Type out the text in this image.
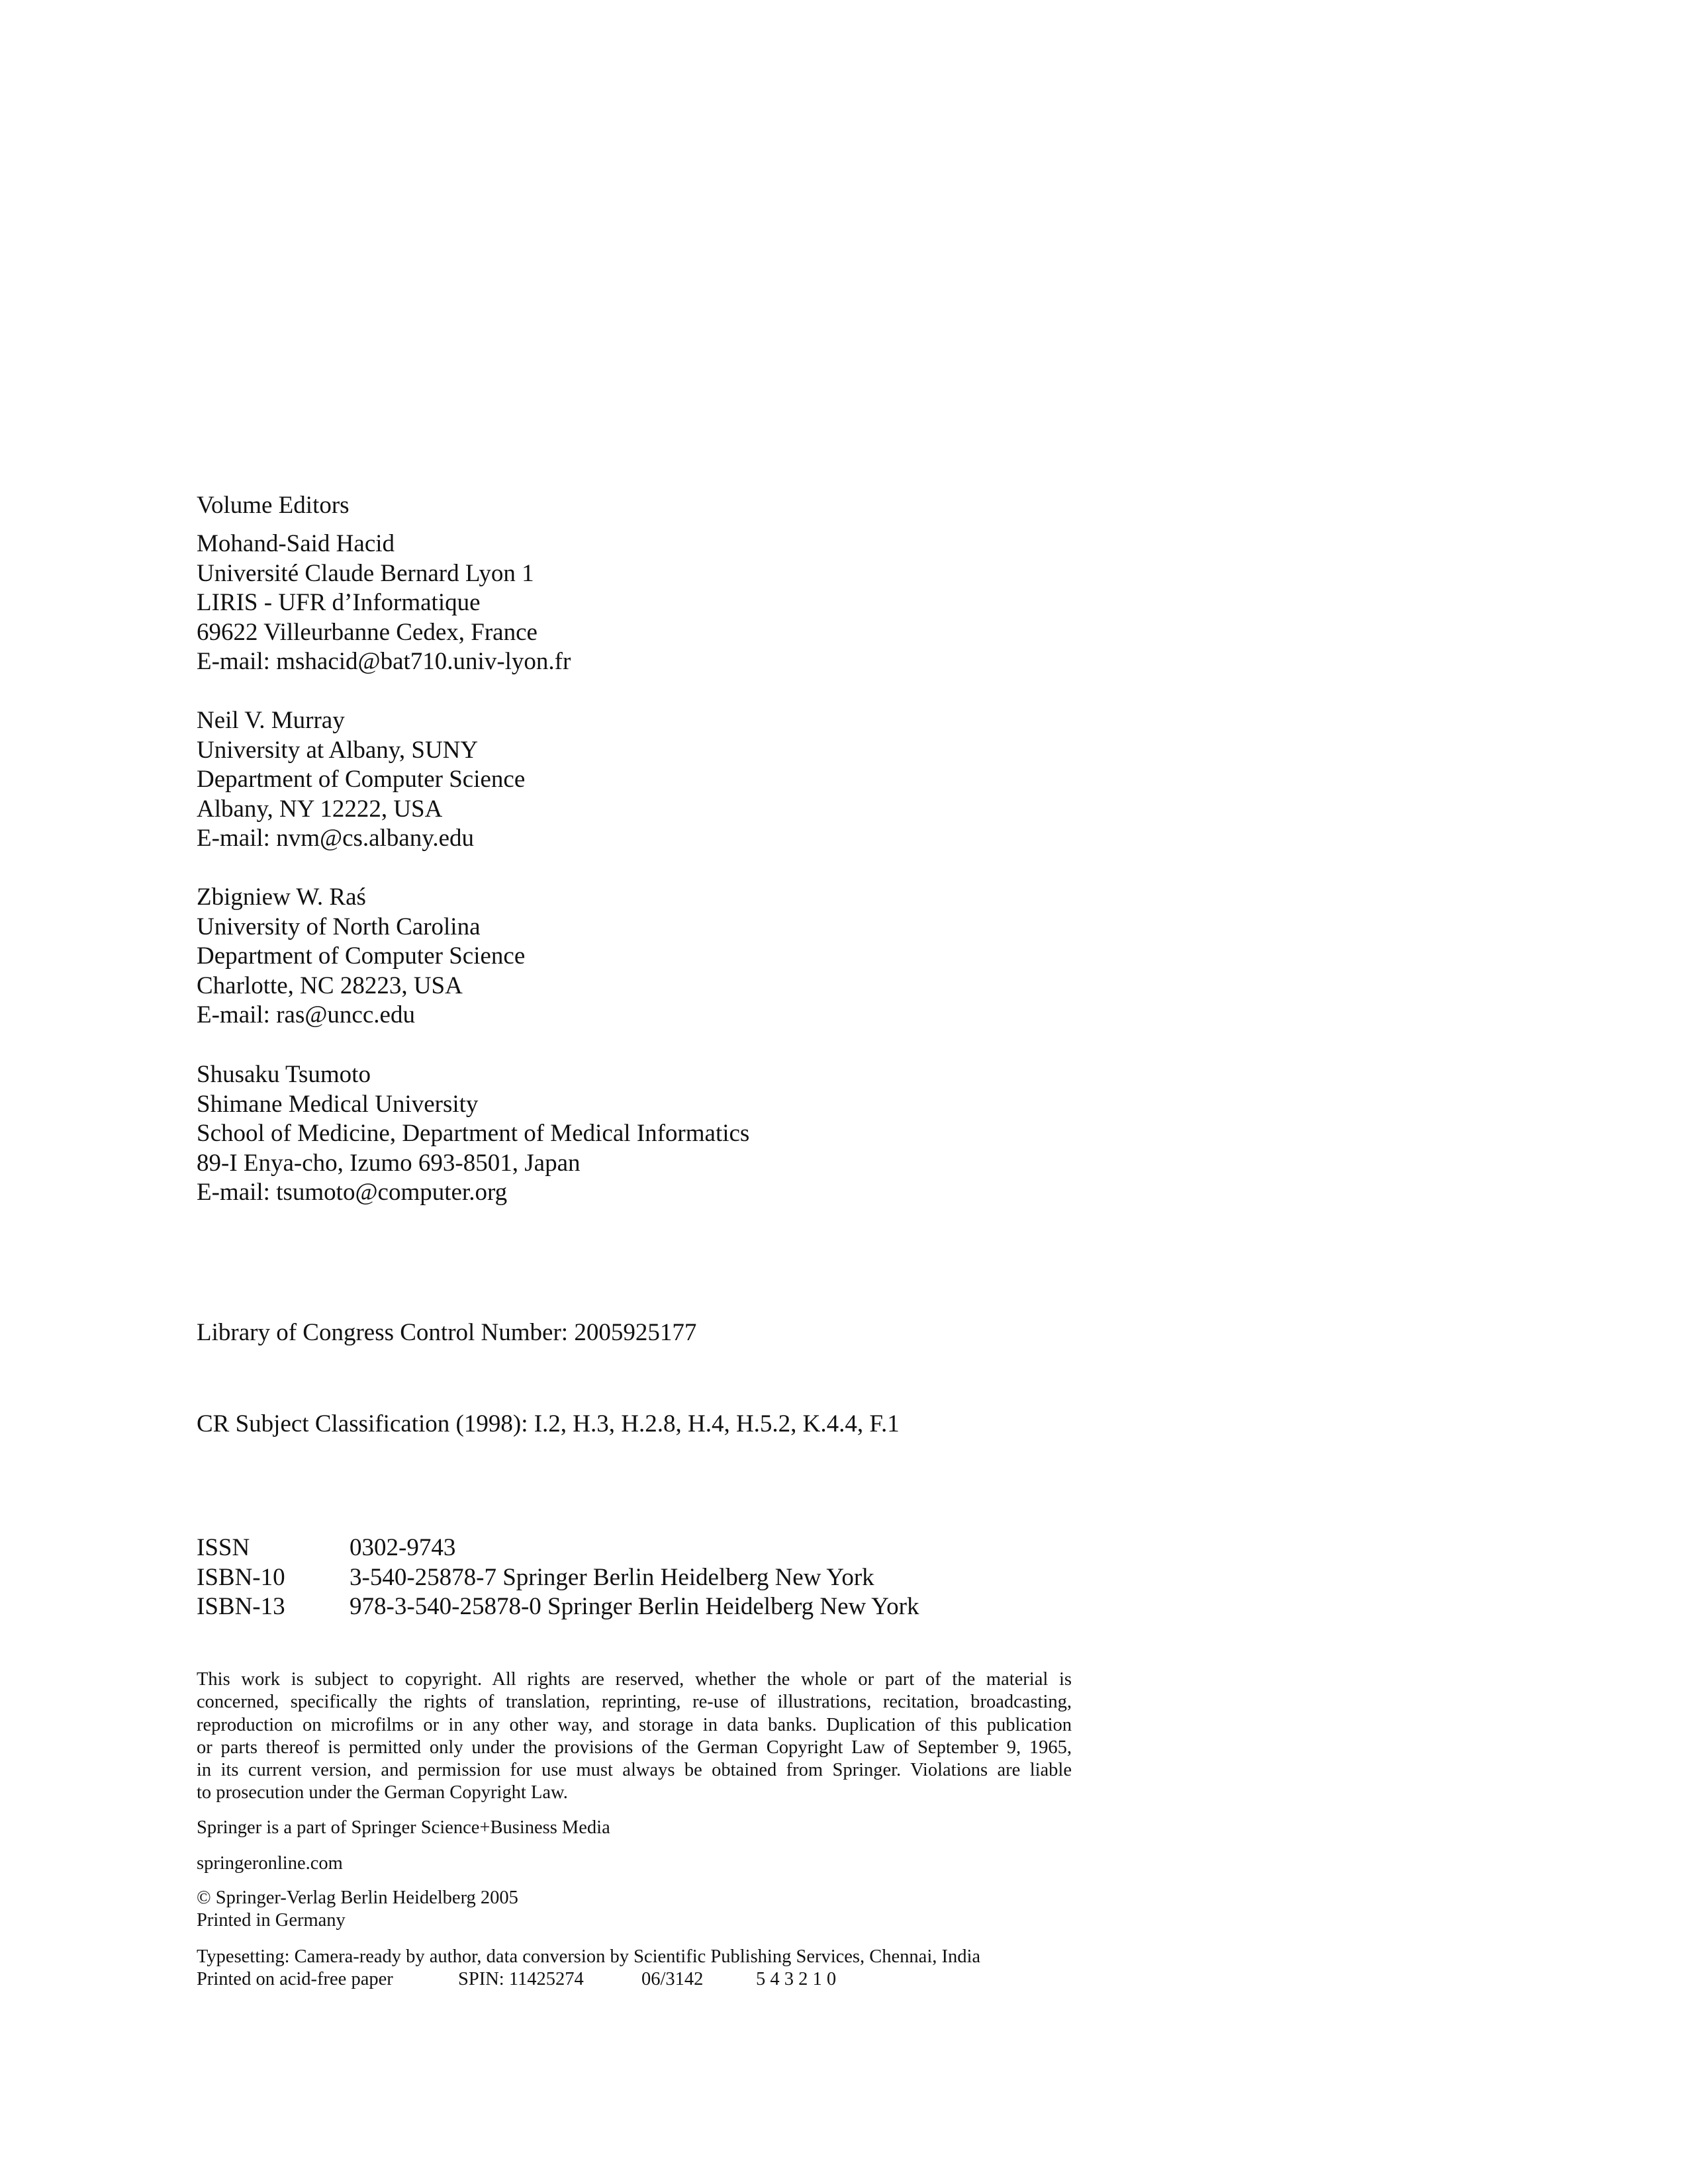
Volume Editors
Mohand-Said Hacid
Université Claude Bernard Lyon 1
LIRIS - UFR d’Informatique
69622 Villeurbanne Cedex, France
E-mail: mshacid@bat710.univ-lyon.fr
Neil V. Murray
University at Albany, SUNY
Department of Computer Science
Albany, NY 12222, USA
E-mail: nvm@cs.albany.edu
Zbigniew W. Raś
University of North Carolina
Department of Computer Science
Charlotte, NC 28223, USA
E-mail: ras@uncc.edu
Shusaku Tsumoto
Shimane Medical University
School of Medicine, Department of Medical Informatics
89-I Enya-cho, Izumo 693-8501, Japan
E-mail: tsumoto@computer.org
Library of Congress Control Number: 2005925177
CR Subject Classification (1998): I.2, H.3, H.2.8, H.4, H.5.2, K.4.4, F.1
ISSN	0302-9743
ISBN-10	3-540-25878-7 Springer Berlin Heidelberg New York
ISBN-13	978-3-540-25878-0 Springer Berlin Heidelberg New York
This work is subject to copyright. All rights are reserved, whether the whole or part of the material is
concerned, specifically the rights of translation, reprinting, re-use of illustrations, recitation, broadcasting,
reproduction on microfilms or in any other way, and storage in data banks. Duplication of this publication
or parts thereof is permitted only under the provisions of the German Copyright Law of September 9, 1965,
in its current version, and permission for use must always be obtained from Springer. Violations are liable
to prosecution under the German Copyright Law.
Springer is a part of Springer Science+Business Media
springeronline.com
© Springer-Verlag Berlin Heidelberg 2005
Printed in Germany
Typesetting: Camera-ready by author, data conversion by Scientific Publishing Services, Chennai, India
Printed on acid-free paper	SPIN: 11425274	06/3142	5 4 3 2 1 0
